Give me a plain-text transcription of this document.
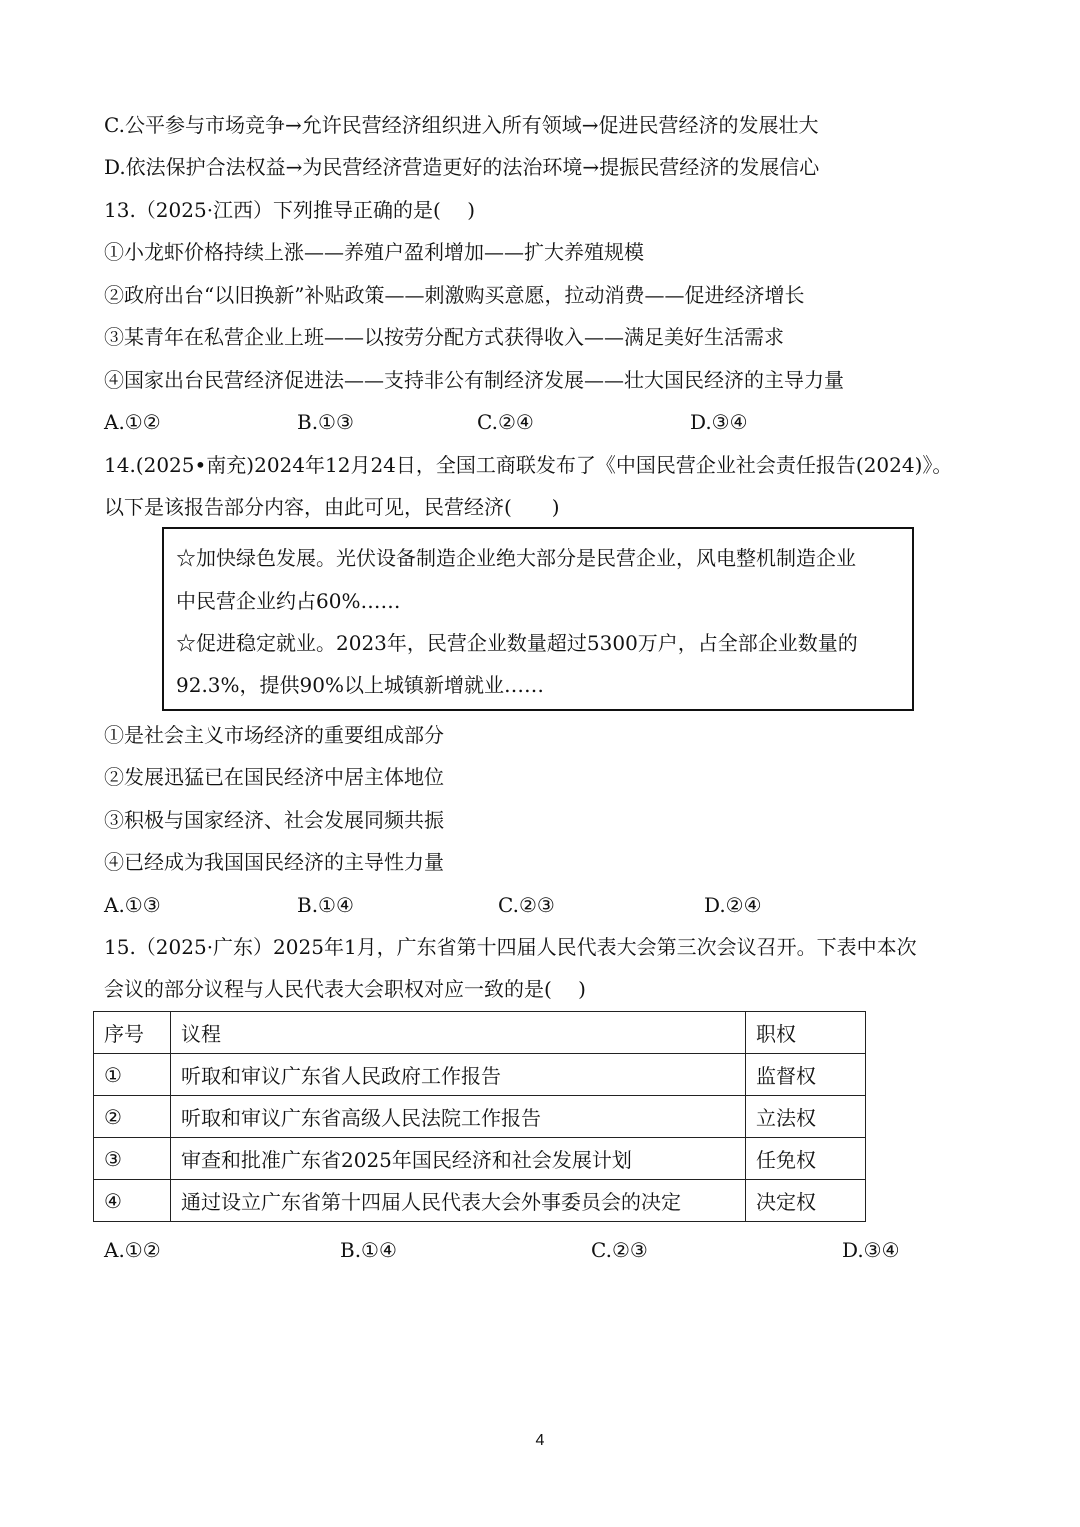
C.公平参与市场竞争→允许民营经济组织进入所有领域→促进民营经济的发展壮大
D.依法保护合法权益→为民营经济营造更好的法治环境→提振民营经济的发展信心
13.（2025·江西）下列推导正确的是(　 )
①小龙虾价格持续上涨——养殖户盈利增加——扩大养殖规模
②政府出台“以旧换新”补贴政策——刺激购买意愿，拉动消费——促进经济增长
③某青年在私营企业上班——以按劳分配方式获得收入——满足美好生活需求
④国家出台民营经济促进法——支持非公有制经济发展——壮大国民经济的主导力量
A.①②	B.①③	C.②④	D.③④
14.(2025•南充)2024年12月24日，全国工商联发布了《中国民营企业社会责任报告(2024)》。
以下是该报告部分内容，由此可见，民营经济(　　)
☆加快绿色发展。光伏设备制造企业绝大部分是民营企业，风电整机制造企业
中民营企业约占60%……
☆促进稳定就业。2023年，民营企业数量超过5300万户，占全部企业数量的
92.3%，提供90%以上城镇新增就业……
①是社会主义市场经济的重要组成部分
②发展迅猛已在国民经济中居主体地位
③积极与国家经济、社会发展同频共振
④已经成为我国国民经济的主导性力量
A.①③	B.①④	C.②③	D.②④
15.（2025·广东）2025年1月，广东省第十四届人民代表大会第三次会议召开。下表中本次
会议的部分议程与人民代表大会职权对应一致的是(　 )
序号	议程	职权
①	听取和审议广东省人民政府工作报告	监督权
②	听取和审议广东省高级人民法院工作报告	立法权
③	审查和批准广东省2025年国民经济和社会发展计划	任免权
④	通过设立广东省第十四届人民代表大会外事委员会的决定	决定权
A.①②	B.①④	C.②③	D.③④
4
